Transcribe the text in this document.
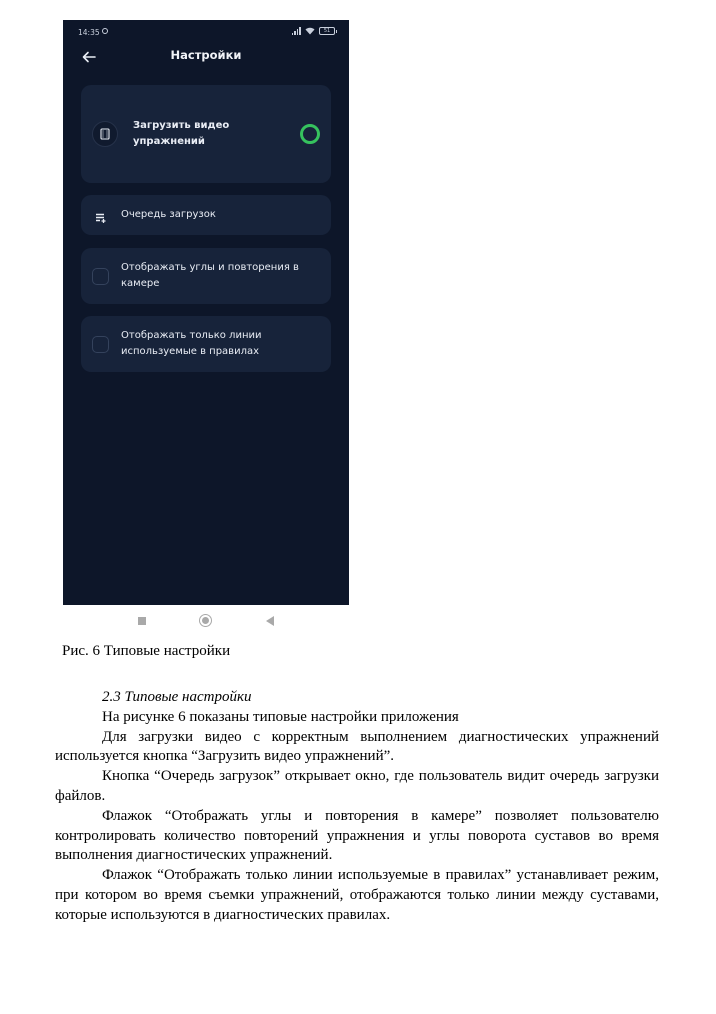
14:35	51
Настройки
Загрузить видео упражнений
Очередь загрузок
Отображать углы и повторения в камере
Отображать только линии используемые в правилах
Рис. 6 Типовые настройки

2.3 Типовые настройки

На рисунке 6 показаны типовые настройки приложения

Для загрузки видео с корректным выполнением диагностических упражнений используется кнопка “Загрузить видео упражнений”.

Кнопка “Очередь загрузок” открывает окно, где пользователь видит очередь загрузки файлов.

Флажок “Отображать углы и повторения в камере” позволяет пользователю контролировать количество повторений упражнения и углы поворота суставов во время выполнения диагностических упражнений.

Флажок “Отображать только линии используемые в правилах” устанавливает режим, при котором во время съемки упражнений, отображаются только линии между суставами, которые используются в диагностических правилах.
